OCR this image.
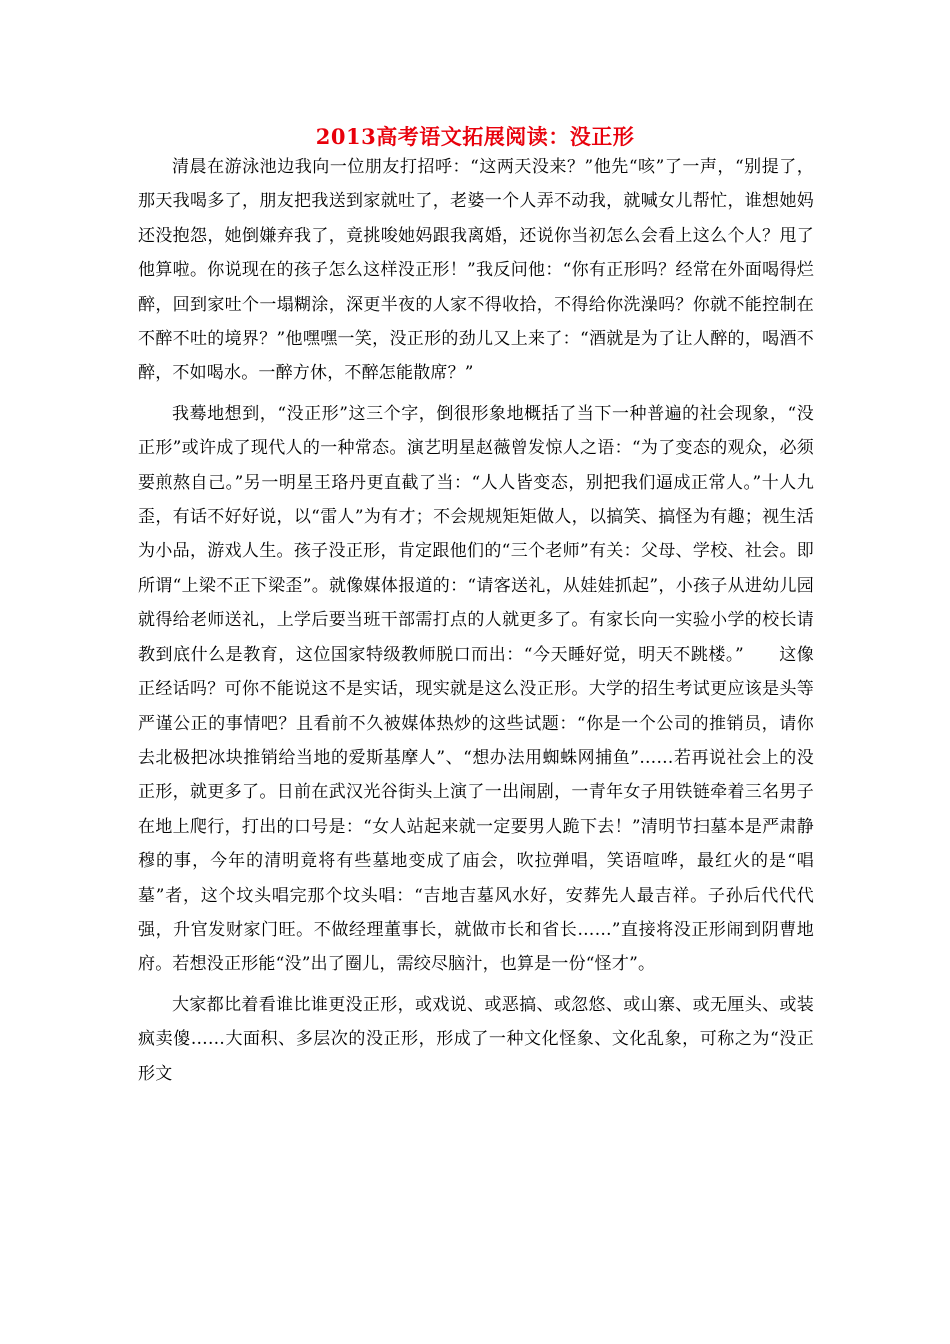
2013高考语文拓展阅读：没正形

清晨在游泳池边我向一位朋友打招呼：“这两天没来？”他先“咳”了一声，“别提了，那天我喝多了，朋友把我送到家就吐了，老婆一个人弄不动我，就喊女儿帮忙，谁想她妈还没抱怨，她倒嫌弃我了，竟挑唆她妈跟我离婚，还说你当初怎么会看上这么个人？甩了他算啦。你说现在的孩子怎么这样没正形！”我反问他：“你有正形吗？经常在外面喝得烂醉，回到家吐个一塌糊涂，深更半夜的人家不得收拾，不得给你洗澡吗？你就不能控制在不醉不吐的境界？”他嘿嘿一笑，没正形的劲儿又上来了：“酒就是为了让人醉的，喝酒不醉，不如喝水。一醉方休，不醉怎能散席？”

我蓦地想到，“没正形”这三个字，倒很形象地概括了当下一种普遍的社会现象，“没正形”或许成了现代人的一种常态。演艺明星赵薇曾发惊人之语：“为了变态的观众，必须要煎熬自己。”另一明星王珞丹更直截了当：“人人皆变态，别把我们逼成正常人。”十人九歪，有话不好好说，以“雷人”为有才；不会规规矩矩做人，以搞笑、搞怪为有趣；视生活为小品，游戏人生。孩子没正形，肯定跟他们的“三个老师”有关：父母、学校、社会。即所谓“上梁不正下梁歪”。就像媒体报道的：“请客送礼，从娃娃抓起”，小孩子从进幼儿园就得给老师送礼，上学后要当班干部需打点的人就更多了。有家长向一实验小学的校长请教到底什么是教育，这位国家特级教师脱口而出：“今天睡好觉，明天不跳楼。”　　这像正经话吗？可你不能说这不是实话，现实就是这么没正形。大学的招生考试更应该是头等严谨公正的事情吧？且看前不久被媒体热炒的这些试题：“你是一个公司的推销员，请你去北极把冰块推销给当地的爱斯基摩人”、“想办法用蜘蛛网捕鱼”……若再说社会上的没正形，就更多了。日前在武汉光谷街头上演了一出闹剧，一青年女子用铁链牵着三名男子在地上爬行，打出的口号是：“女人站起来就一定要男人跪下去！”清明节扫墓本是严肃静穆的事，今年的清明竟将有些墓地变成了庙会，吹拉弹唱，笑语喧哗，最红火的是“唱墓”者，这个坟头唱完那个坟头唱：“吉地吉墓风水好，安葬先人最吉祥。子孙后代代代强，升官发财家门旺。不做经理董事长，就做市长和省长……”直接将没正形闹到阴曹地府。若想没正形能“没”出了圈儿，需绞尽脑汁，也算是一份“怪才”。

大家都比着看谁比谁更没正形，或戏说、或恶搞、或忽悠、或山寨、或无厘头、或装疯卖傻……大面积、多层次的没正形，形成了一种文化怪象、文化乱象，可称之为“没正形文
